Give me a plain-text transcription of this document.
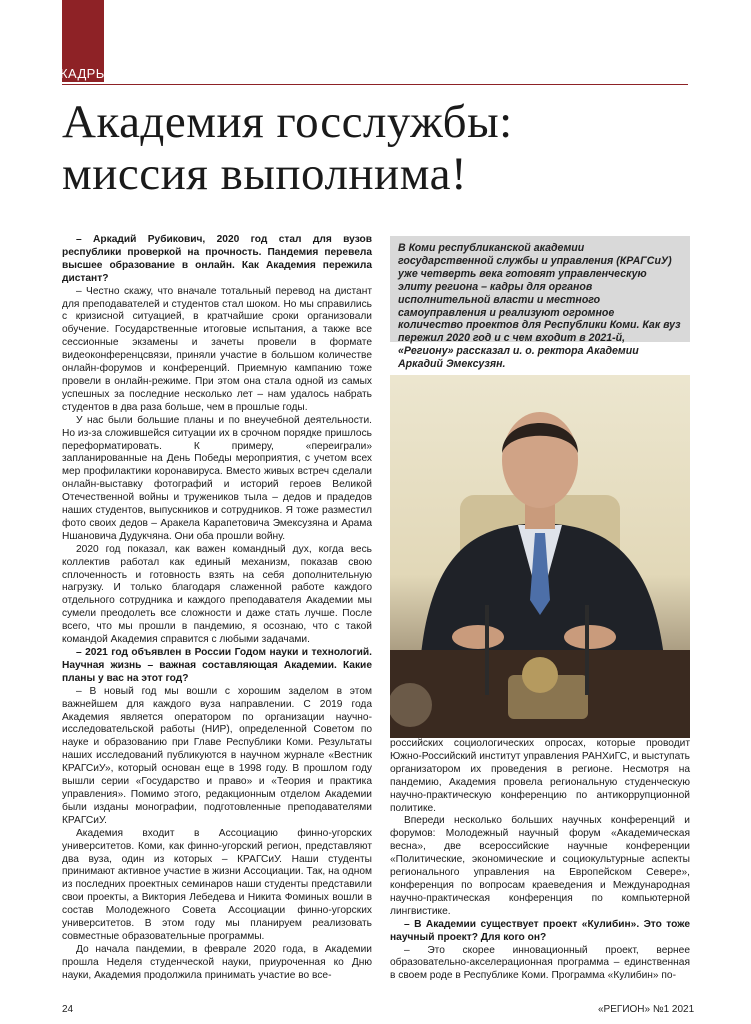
КАДРЫ
Академия госслужбы:
миссия выполнима!

– Аркадий Рубикович, 2020 год стал для вузов республики проверкой на прочность. Пандемия перевела высшее образование в онлайн. Как Академия пережила дистант?

– Честно скажу, что вначале тотальный перевод на дистант для преподавателей и студентов стал шоком. Но мы справились с кризисной ситуацией, в кратчайшие сроки организовали обучение. Государственные итоговые испытания, а также все сессионные экзамены и зачеты провели в формате видеоконференцсвязи, приняли участие в большом количестве онлайн-форумов и конференций. Приемную кампанию тоже провели в онлайн-режиме. При этом она стала одной из самых успешных за последние несколько лет – нам удалось набрать студентов в два раза больше, чем в прошлые годы.

У нас были большие планы и по внеучебной деятельности. Но из-за сложившейся ситуации их в срочном порядке пришлось переформатировать. К примеру, «переиграли» запланированные на День Победы мероприятия, с учетом всех мер профилактики коронавируса. Вместо живых встреч сделали онлайн-выставку фотографий и историй героев Великой Отечественной войны и тружеников тыла – дедов и прадедов наших студентов, выпускников и сотрудников. Я тоже разместил фото своих дедов – Аракела Карапетовича Эмексузяна и Арама Ншановича Дудукчяна. Они оба прошли войну.

2020 год показал, как важен командный дух, когда весь коллектив работал как единый механизм, показав свою сплоченность и готовность взять на себя дополнительную нагрузку. И только благодаря слаженной работе каждого отдельного сотрудника и каждого преподавателя Академии мы сумели преодолеть все сложности и даже стать лучше. После всего, что мы прошли в пандемию, я осознаю, что с такой командой Академия справится с любыми задачами.

– 2021 год объявлен в России Годом науки и технологий. Научная жизнь – важная составляющая Академии. Какие планы у вас на этот год?

– В новый год мы вошли с хорошим заделом в этом важнейшем для каждого вуза направлении. С 2019 года Академия является оператором по организации научно-исследовательской работы (НИР), определенной Советом по науке и образованию при Главе Республики Коми. Результаты наших исследований публикуются в научном журнале «Вестник КРАГСиУ», который основан еще в 1998 году. В прошлом году вышли серии «Государство и право» и «Теория и практика управления». Помимо этого, редакционным отделом Академии были изданы монографии, подготовленные преподавателями КРАГСиУ.

Академия входит в Ассоциацию финно-угорских университетов. Коми, как финно-угорский регион, представляют два вуза, один из которых – КРАГСиУ. Наши студенты принимают активное участие в жизни Ассоциации. Так, на одном из последних проектных семинаров наши студенты представили свои проекты, а Виктория Лебедева и Никита Фоминых вошли в состав Молодежного Совета Ассоциации финно-угорских университетов. В этом году мы планируем реализовать совместные образовательные программы.

До начала пандемии, в феврале 2020 года, в Академии прошла Неделя студенческой науки, приуроченная ко Дню науки, Академия продолжила принимать участие во все-

В Коми республиканской академии государственной службы и управления (КРАГСиУ) уже четверть века готовят управленческую элиту региона – кадры для органов исполнительной власти и местного самоуправления и реализуют огромное количество проектов для Республики Коми. Как вуз пережил 2020 год и с чем входит в 2021-й, «Региону» рассказал и. о. ректора Академии Аркадий Эмексузян.

российских социологических опросах, которые проводит Южно-Российский институт управления РАНХиГС, и выступать организатором их проведения в регионе. Несмотря на пандемию, Академия провела региональную студенческую научно-практическую конференцию по антикоррупционной политике.

Впереди несколько больших научных конференций и форумов: Молодежный научный форум «Академическая весна», две всероссийские научные конференции «Политические, экономические и социокультурные аспекты регионального управления на Европейском Севере», конференция по вопросам краеведения и Международная научно-практическая конференция по компьютерной лингвистике.

– В Академии существует проект «Кулибин». Это тоже научный проект? Для кого он?

– Это скорее инновационный проект, вернее образовательно-акселерационная программа – единственная в своем роде в Республике Коми. Программа «Кулибин» по-

24	«РЕГИОН» №1 2021
